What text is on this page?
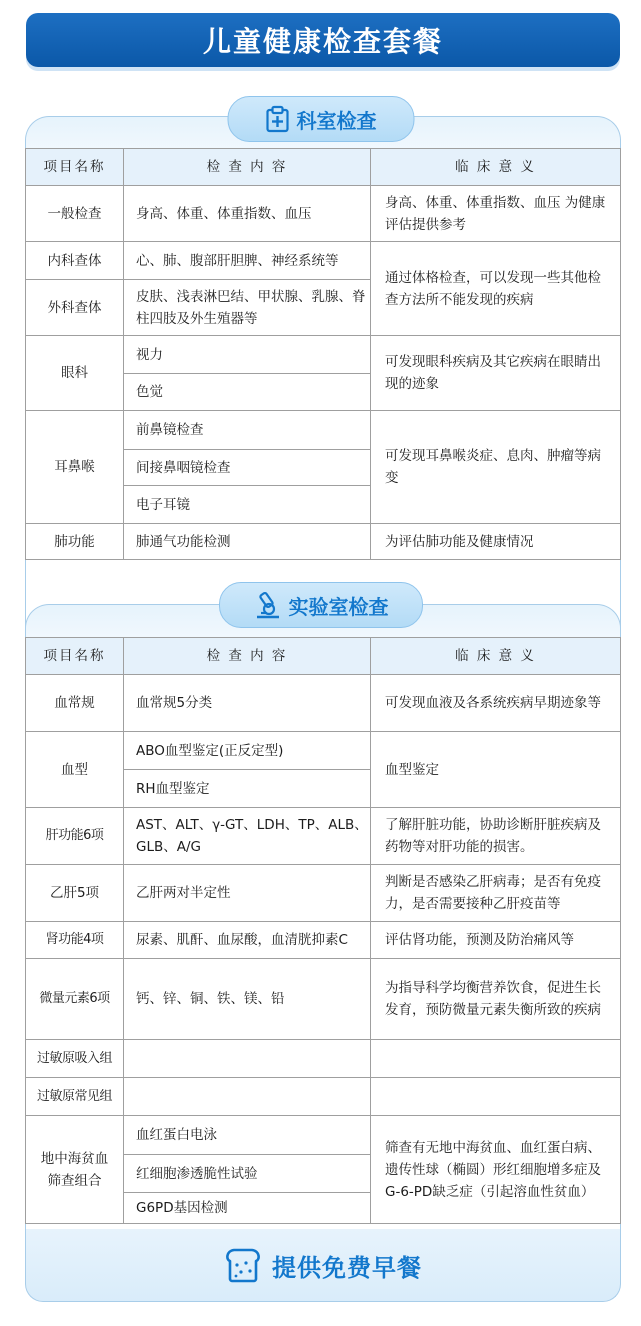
儿童健康检查套餐
科室检查
项目名称	检 查 内 容	临 床 意 义
一般检查	身高、体重、体重指数、血压	身高、体重、体重指数、血压 为健康评估提供参考
内科查体	心、肺、腹部肝胆脾、神经系统等	通过体格检查，可以发现一些其他检查方法所不能发现的疾病
外科查体	皮肤、浅表淋巴结、甲状腺、乳腺、脊柱四肢及外生殖器等	
眼科	视力	可发现眼科疾病及其它疾病在眼睛出现的迹象
	色觉	
耳鼻喉	前鼻镜检查	可发现耳鼻喉炎症、息肉、肿瘤等病变
	间接鼻咽镜检查	
	电子耳镜	
肺功能	肺通气功能检测	为评估肺功能及健康情况
实验室检查
项目名称	检 查 内 容	临 床 意 义
血常规	血常规5分类	可发现血液及各系统疾病早期迹象等
血型	ABO血型鉴定(正反定型)	血型鉴定
	RH血型鉴定	
肝功能6项	AST、ALT、γ-GT、LDH、TP、ALB、GLB、A/G	了解肝脏功能，协助诊断肝脏疾病及药物等对肝功能的损害。
乙肝5项	乙肝两对半定性	判断是否感染乙肝病毒；是否有免疫力，是否需要接种乙肝疫苗等
肾功能4项	尿素、肌酐、血尿酸，血清胱抑素C	评估肾功能，预测及防治痛风等
微量元素6项	钙、锌、铜、铁、镁、铅	为指导科学均衡营养饮食，促进生长发育，预防微量元素失衡所致的疾病
过敏原吸入组		
过敏原常见组		
地中海贫血筛查组合	血红蛋白电泳	筛查有无地中海贫血、血红蛋白病、遗传性球（椭圆）形红细胞增多症及G-6-PD缺乏症（引起溶血性贫血）
	红细胞渗透脆性试验	
	G6PD基因检测	
提供免费早餐
